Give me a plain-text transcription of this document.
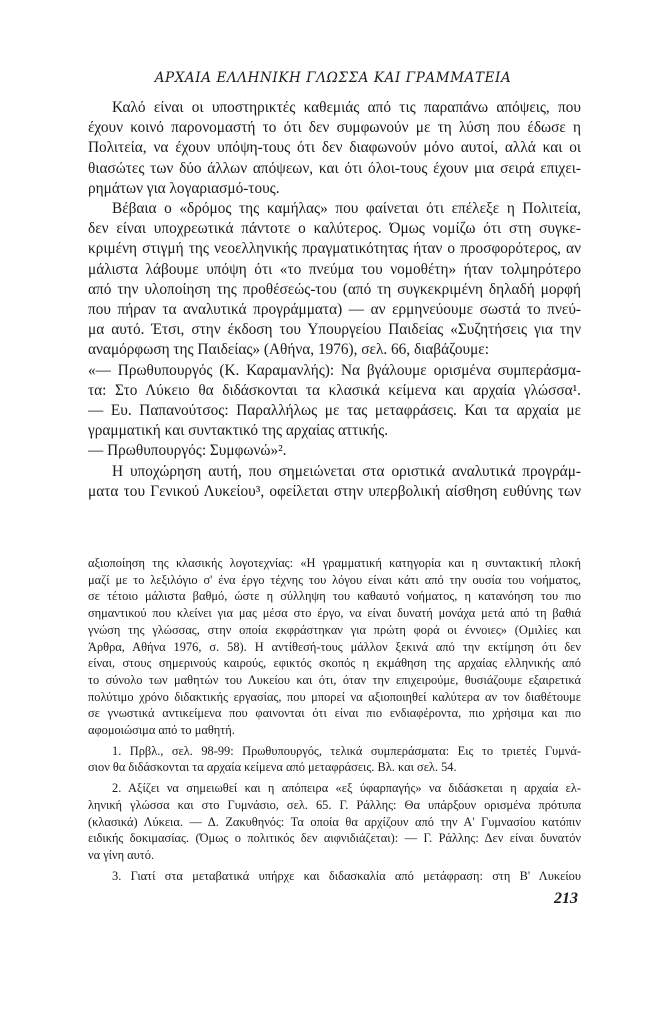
ΑΡΧΑΙΑ ΕΛΛΗΝΙΚΗ ΓΛΩΣΣΑ ΚΑΙ ΓΡΑΜΜΑΤΕΙΑ
Καλό είναι οι υποστηρικτές καθεμιάς από τις παραπάνω απόψεις, που
έχουν κοινό παρονομαστή το ότι δεν συμφωνούν με τη λύση που έδωσε η
Πολιτεία, να έχουν υπόψη-τους ότι δεν διαφωνούν μόνο αυτοί, αλλά και οι
θιασώτες των δύο άλλων απόψεων, και ότι όλοι-τους έχουν μια σειρά επιχει-
ρημάτων για λογαριασμό-τους.
Βέβαια ο «δρόμος της καμήλας» που φαίνεται ότι επέλεξε η Πολιτεία,
δεν είναι υποχρεωτικά πάντοτε ο καλύτερος. Όμως νομίζω ότι στη συγκε-
κριμένη στιγμή της νεοελληνικής πραγματικότητας ήταν ο προσφορότερος, αν
μάλιστα λάβουμε υπόψη ότι «το πνεύμα του νομοθέτη» ήταν τολμηρότερο
από την υλοποίηση της προθέσεώς-του (από τη συγκεκριμένη δηλαδή μορφή
που πήραν τα αναλυτικά προγράμματα) — αν ερμηνεύουμε σωστά το πνεύ-
μα αυτό. Έτσι, στην έκδοση του Υπουργείου Παιδείας «Συζητήσεις για την
αναμόρφωση της Παιδείας» (Αθήνα, 1976), σελ. 66, διαβάζουμε:
«— Πρωθυπουργός (Κ. Καραμανλής): Να βγάλουμε ορισμένα συμπεράσμα-
τα: Στο Λύκειο θα διδάσκονται τα κλασικά κείμενα και αρχαία γλώσσα¹.
— Ευ. Παπανούτσος: Παραλλήλως με τας μεταφράσεις. Και τα αρχαία με
γραμματική και συντακτικό της αρχαίας αττικής.
— Πρωθυπουργός: Συμφωνώ»².
Η υποχώρηση αυτή, που σημειώνεται στα οριστικά αναλυτικά προγράμ-
ματα του Γενικού Λυκείου³, οφείλεται στην υπερβολική αίσθηση ευθύνης των
αξιοποίηση της κλασικής λογοτεχνίας: «Η γραμματική κατηγορία και η συντακτική πλοκή
μαζί με το λεξιλόγιο σ' ένα έργο τέχνης του λόγου είναι κάτι από την ουσία του νοήματος,
σε τέτοιο μάλιστα βαθμό, ώστε η σύλληψη του καθαυτό νοήματος, η κατανόηση του πιο
σημαντικού που κλείνει για μας μέσα στο έργο, να είναι δυνατή μονάχα μετά από τη βαθιά
γνώση της γλώσσας, στην οποία εκφράστηκαν για πρώτη φορά οι έννοιες» (Ομιλίες και
Άρθρα, Αθήνα 1976, σ. 58). Η αντίθεσή-τους μάλλον ξεκινά από την εκτίμηση ότι δεν
είναι, στους σημερινούς καιρούς, εφικτός σκοπός η εκμάθηση της αρχαίας ελληνικής από
το σύνολο των μαθητών του Λυκείου και ότι, όταν την επιχειρούμε, θυσιάζουμε εξαιρετικά
πολύτιμο χρόνο διδακτικής εργασίας, που μπορεί να αξιοποιηθεί καλύτερα αν τον διαθέτουμε
σε γνωστικά αντικείμενα που φαινονται ότι είναι πιο ενδιαφέροντα, πιο χρήσιμα και πιο
αφομοιώσιμα από το μαθητή.
1. Πρβλ., σελ. 98-99: Πρωθυπουργός, τελικά συμπεράσματα: Εις το τριετές Γυμνά-
σιον θα διδάσκονται τα αρχαία κείμενα από μεταφράσεις. Βλ. και σελ. 54.
2. Αξίζει να σημειωθεί και η απόπειρα «εξ ύφαρπαγής» να διδάσκεται η αρχαία ελ-
ληνική γλώσσα και στο Γυμνάσιο, σελ. 65. Γ. Ράλλης: Θα υπάρξουν ορισμένα πρότυπα
(κλασικά) Λύκεια. — Δ. Ζακυθηνός: Τα οποία θα αρχίζουν από την Α' Γυμνασίου κατόπιν
ειδικής δοκιμασίας. (Όμως ο πολιτικός δεν αιφνιδιάζεται): — Γ. Ράλλης: Δεν είναι δυνατόν
να γίνη αυτό.
3. Γιατί στα μεταβατικά υπήρχε και διδασκαλία από μετάφραση: στη Β' Λυκείου
213
